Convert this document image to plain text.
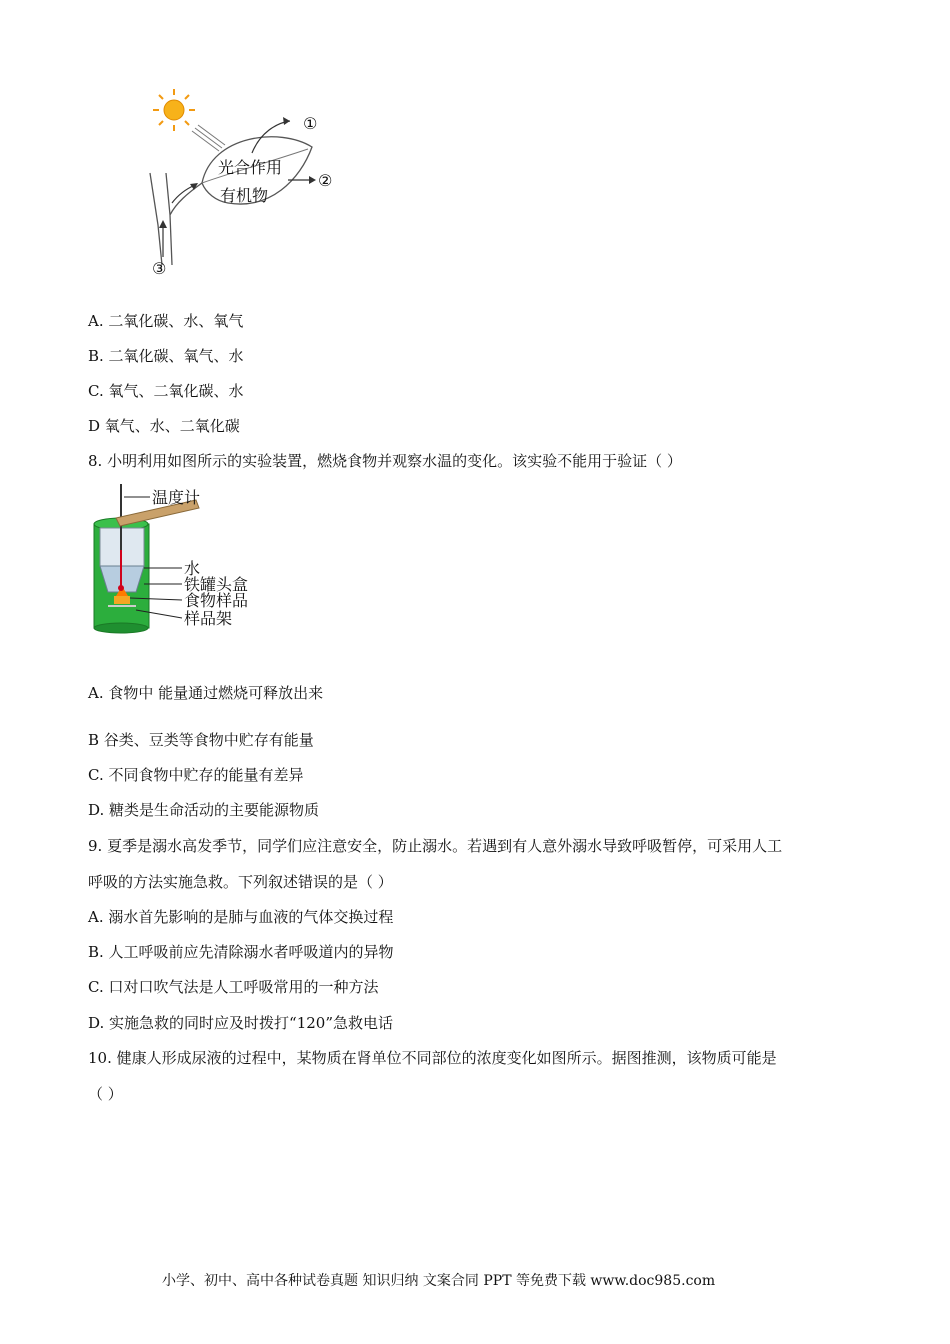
光合作用
有机物
①
②
③
A. 二氧化碳、水、氧气
B. 二氧化碳、氧气、水
C. 氧气、二氧化碳、水
D 氧气、水、二氧化碳
8. 小明利用如图所示的实验装置，燃烧食物并观察水温的变化。该实验不能用于验证（ ）
温度计
水
铁罐头盒
食物样品
样品架
A. 食物中 能量通过燃烧可释放出来
B 谷类、豆类等食物中贮存有能量
C. 不同食物中贮存的能量有差异
D. 糖类是生命活动的主要能源物质
9. 夏季是溺水高发季节，同学们应注意安全，防止溺水。若遇到有人意外溺水导致呼吸暂停，可采用人工
呼吸的方法实施急救。下列叙述错误的是（ ）
A. 溺水首先影响的是肺与血液的气体交换过程
B. 人工呼吸前应先清除溺水者呼吸道内的异物
C. 口对口吹气法是人工呼吸常用的一种方法
D. 实施急救的同时应及时拨打“120”急救电话
10. 健康人形成尿液的过程中，某物质在肾单位不同部位的浓度变化如图所示。据图推测，该物质可能是
（ ）
小学、初中、高中各种试卷真题 知识归纳 文案合同 PPT 等免费下载 www.doc985.com
